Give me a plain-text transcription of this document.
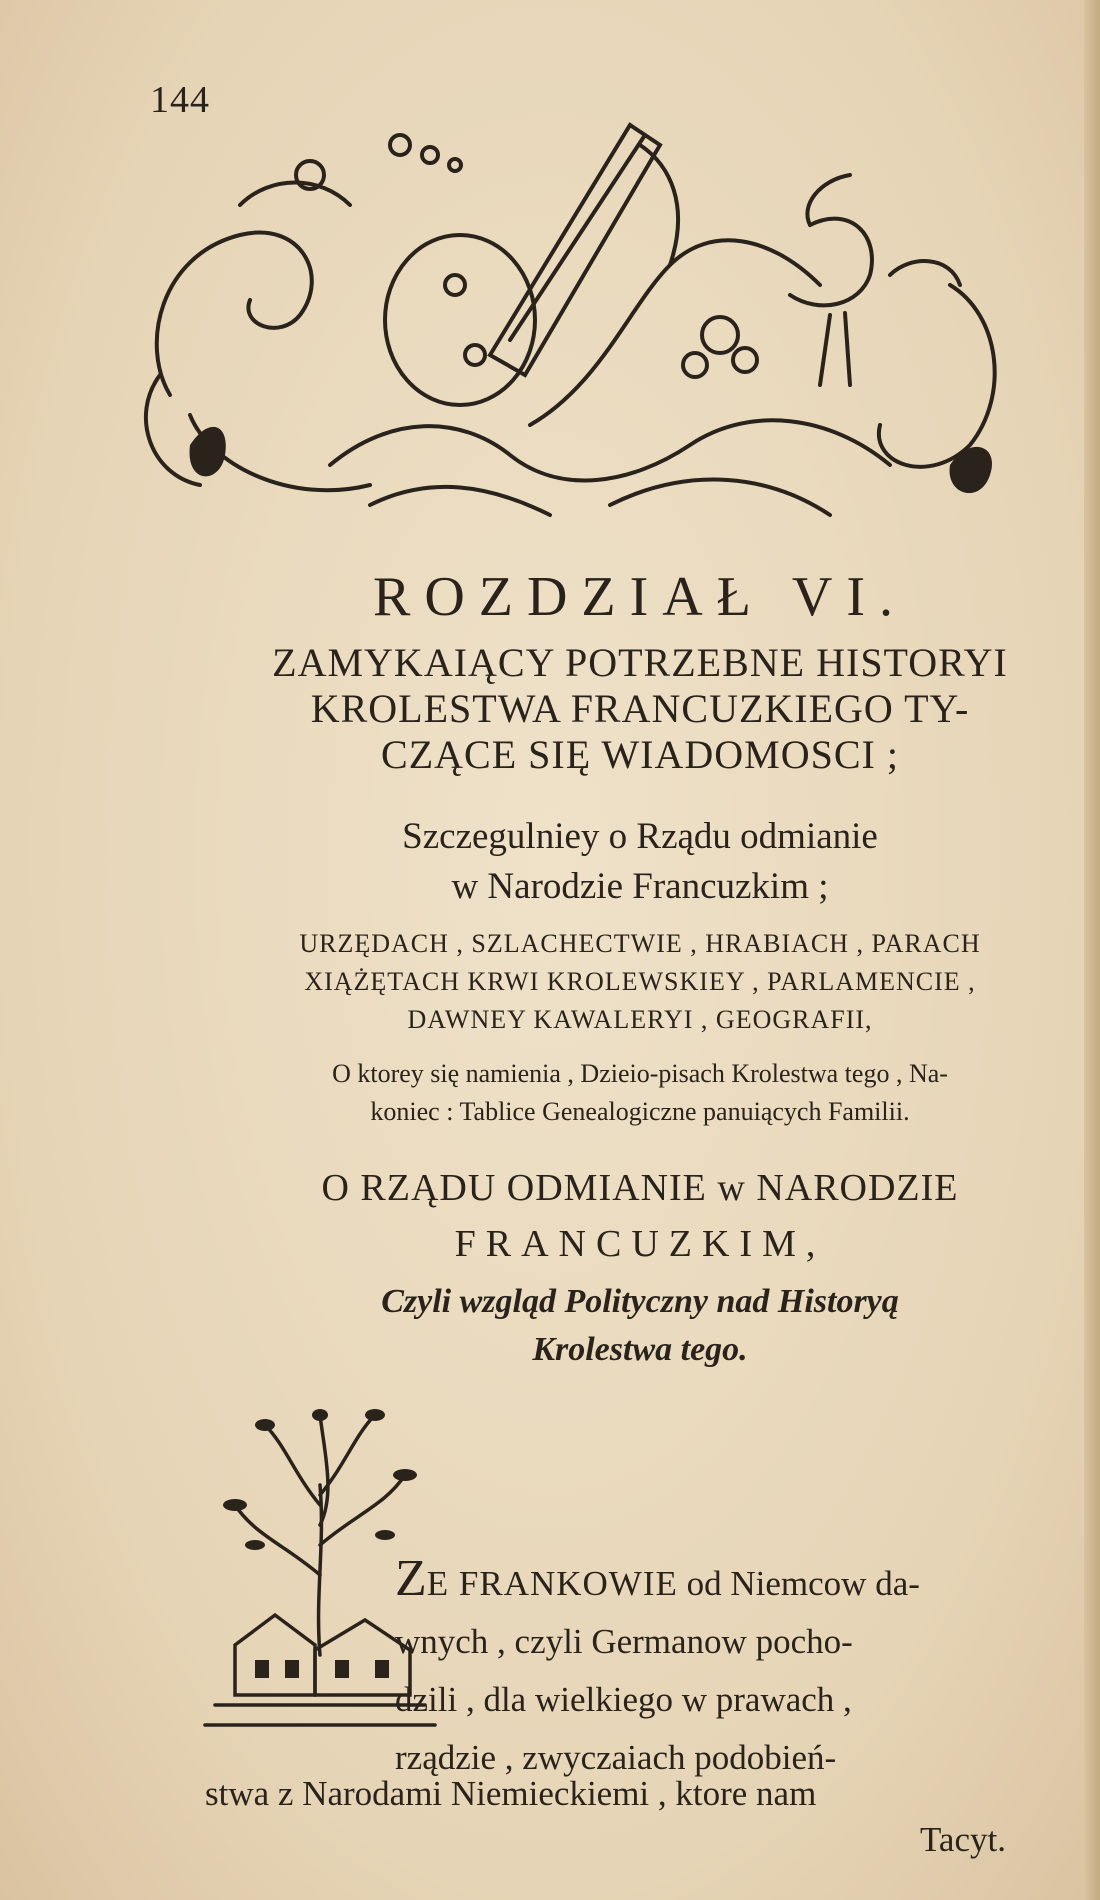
144
ROZDZIAŁ VI.
ZAMYKAIĄCY POTRZEBNE HISTORYI
KROLESTWA FRANCUZKIEGO TY-
CZĄCE SIĘ WIADOMOSCI ;
Szczegulniey o Rządu odmianie
w Narodzie Francuzkim ;
URZĘDACH , SZLACHECTWIE , HRABIACH , PARACH
XIĄŻĘTACH KRWI KROLEWSKIEY , PARLAMENCIE ,
DAWNEY KAWALERYI , GEOGRAFII,
O ktorey się namienia , Dzieio-pisach Krolestwa tego , Na-
koniec : Tablice Genealogiczne panuiących Familii.
O RZĄDU ODMIANIE w NARODZIE
FRANCUZKIM,
Czyli wzgląd Polityczny nad Historyą
Krolestwa tego.
ZE FRANKOWIE od Niemcow da-
wnych , czyli Germanow pocho-
dzili , dla wielkiego w prawach ,
rządzie , zwyczaiach podobień-
stwa z Narodami Niemieckiemi , ktore nam
Tacyt.
